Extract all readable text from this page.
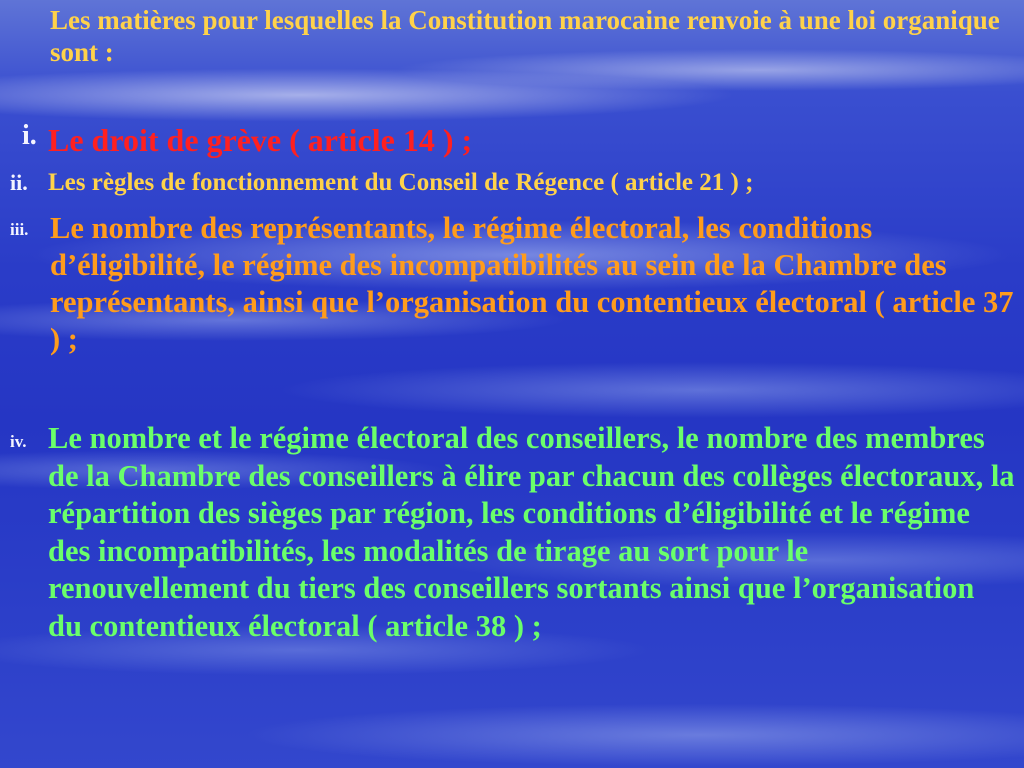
Les matières pour lesquelles la Constitution marocaine renvoie à une loi organique sont :
i. Le droit de grève ( article 14 ) ;
ii. Les règles de fonctionnement du Conseil de Régence ( article 21 ) ;
iii. Le nombre des représentants, le régime électoral, les conditions d’éligibilité, le régime des incompatibilités au sein de la Chambre des représentants, ainsi que l’organisation du contentieux électoral ( article 37 ) ;
iv. Le nombre et le régime électoral des conseillers, le nombre des membres de la Chambre des conseillers à élire par chacun des collèges électoraux, la répartition des sièges par région, les conditions d’éligibilité et le régime des incompatibilités, les modalités de tirage au sort pour le renouvellement du tiers des conseillers sortants ainsi que l’organisation du contentieux électoral ( article 38 ) ;
